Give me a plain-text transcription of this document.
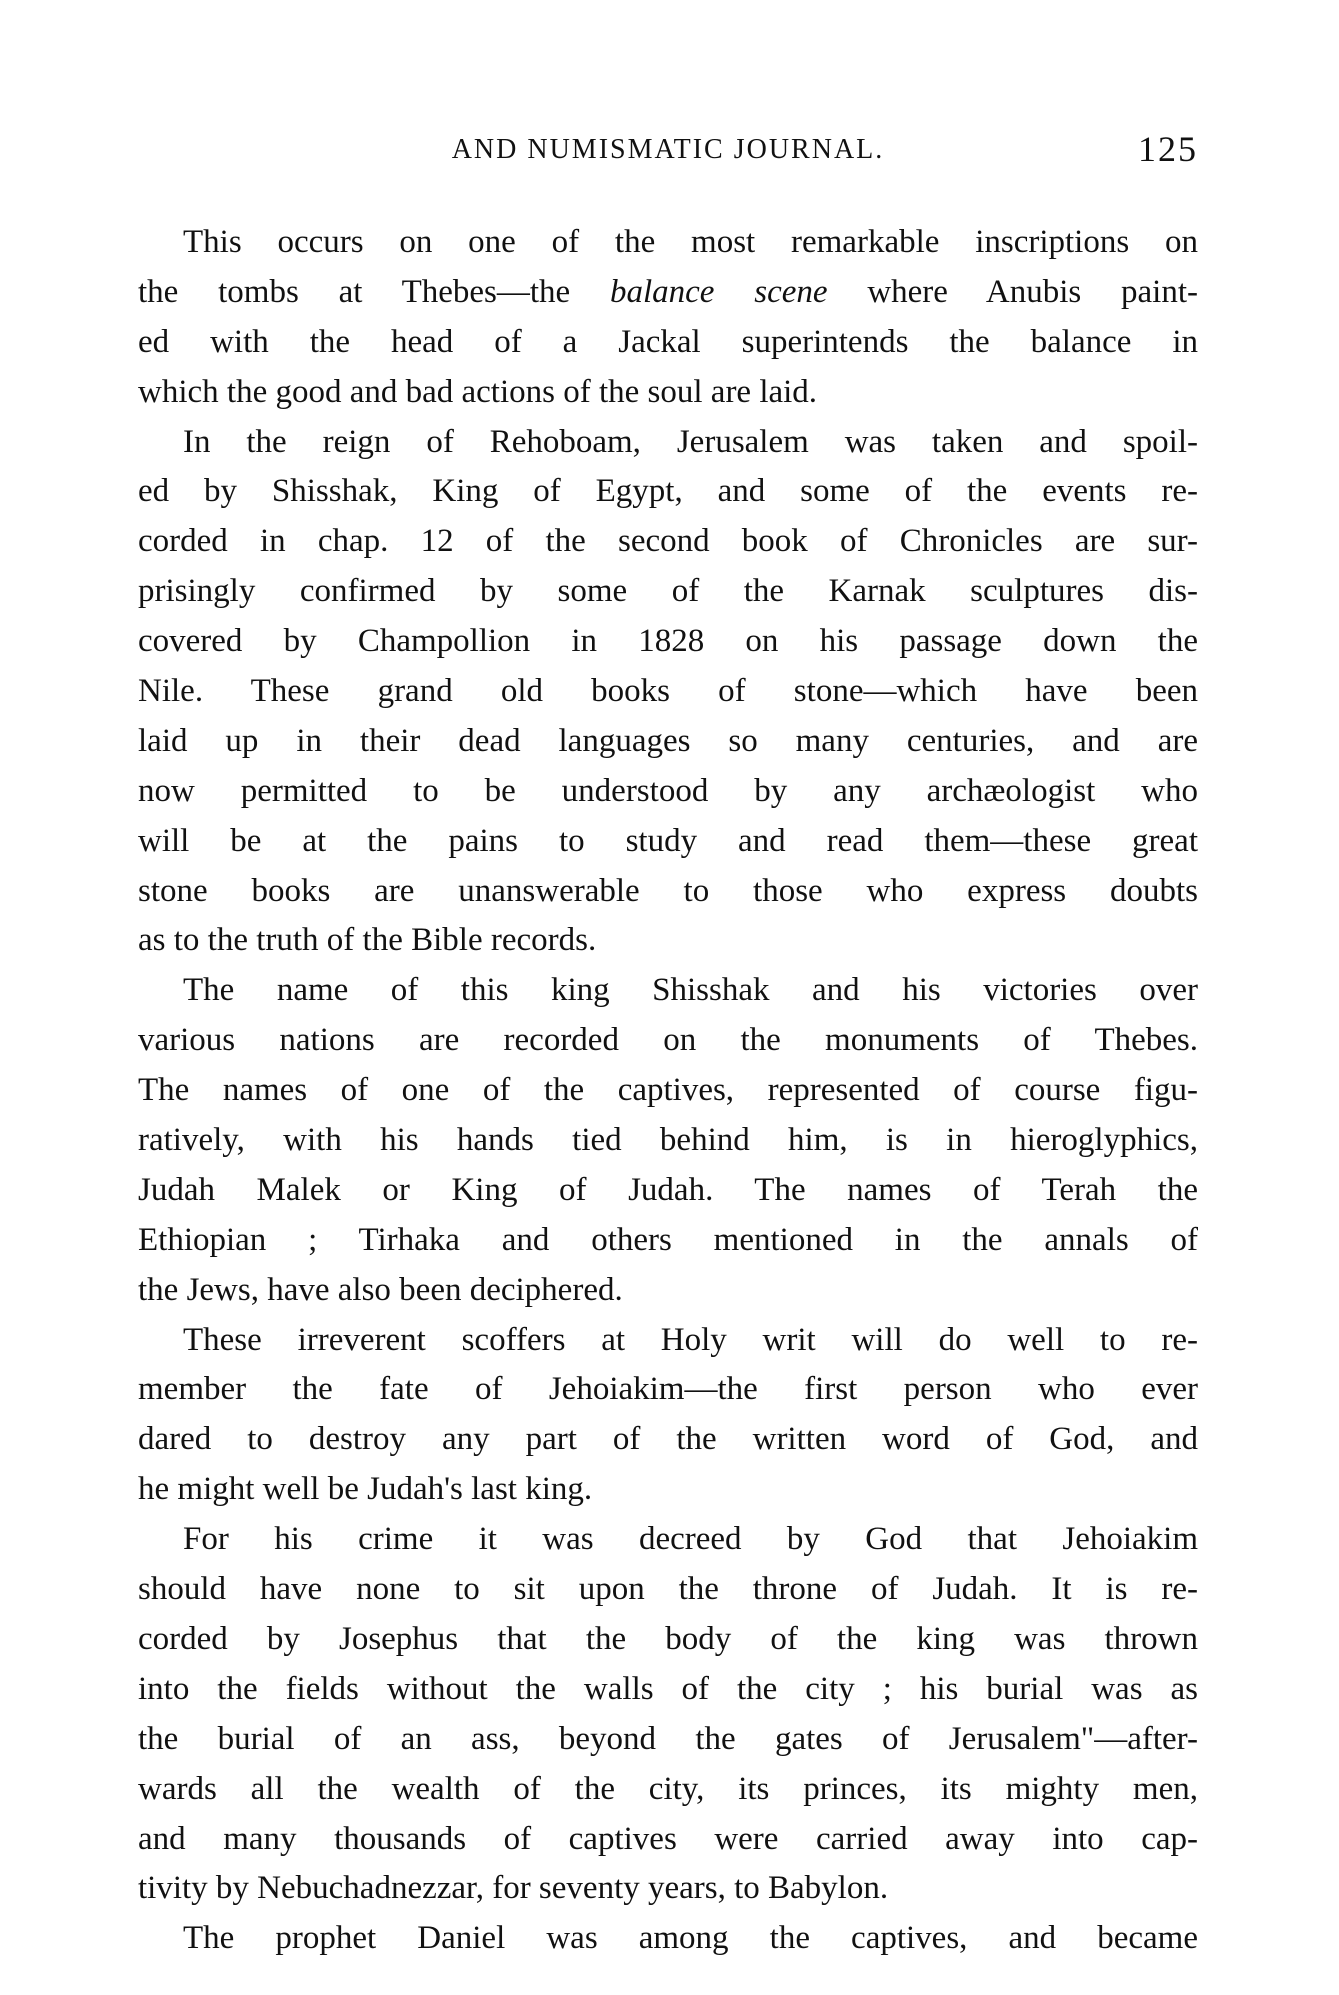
AND NUMISMATIC JOURNAL.	125
This occurs on one of the most remarkable inscriptions on
the tombs at Thebes—the balance scene where Anubis paint-
ed with the head of a Jackal superintends the balance in
which the good and bad actions of the soul are laid.
In the reign of Rehoboam, Jerusalem was taken and spoil-
ed by Shisshak, King of Egypt, and some of the events re-
corded in chap. 12 of the second book of Chronicles are sur-
prisingly confirmed by some of the Karnak sculptures dis-
covered by Champollion in 1828 on his passage down the
Nile. These grand old books of stone—which have been
laid up in their dead languages so many centuries, and are
now permitted to be understood by any archæologist who
will be at the pains to study and read them—these great
stone books are unanswerable to those who express doubts
as to the truth of the Bible records.
The name of this king Shisshak and his victories over
various nations are recorded on the monuments of Thebes.
The names of one of the captives, represented of course figu-
ratively, with his hands tied behind him, is in hieroglyphics,
Judah Malek or King of Judah. The names of Terah the
Ethiopian ; Tirhaka and others mentioned in the annals of
the Jews, have also been deciphered.
These irreverent scoffers at Holy writ will do well to re-
member the fate of Jehoiakim—the first person who ever
dared to destroy any part of the written word of God, and
he might well be Judah's last king.
For his crime it was decreed by God that Jehoiakim
should have none to sit upon the throne of Judah. It is re-
corded by Josephus that the body of the king was thrown
into the fields without the walls of the city ; his burial was as
the burial of an ass, beyond the gates of Jerusalem"—after-
wards all the wealth of the city, its princes, its mighty men,
and many thousands of captives were carried away into cap-
tivity by Nebuchadnezzar, for seventy years, to Babylon.
The prophet Daniel was among the captives, and became
